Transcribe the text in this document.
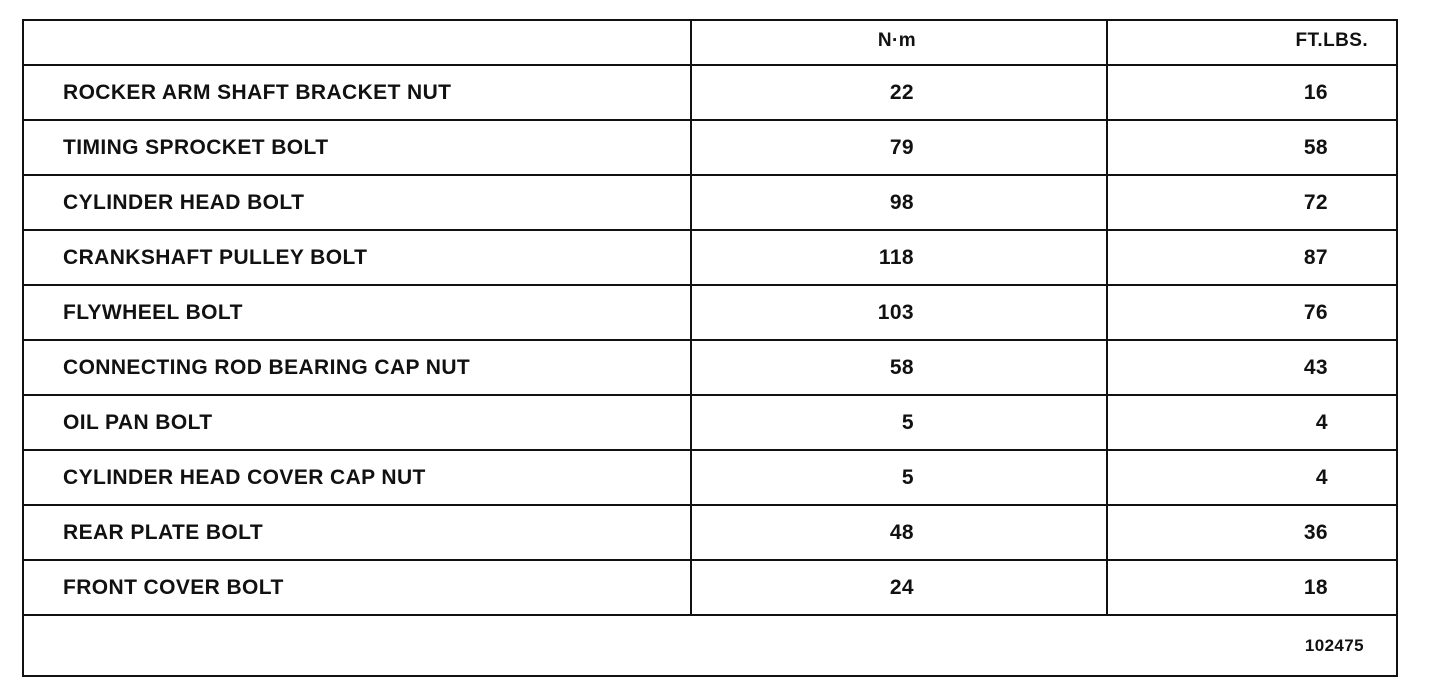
	N·m	FT.LBS.
ROCKER ARM SHAFT BRACKET NUT	22	16
TIMING SPROCKET BOLT	79	58
CYLINDER HEAD BOLT	98	72
CRANKSHAFT PULLEY BOLT	118	87
FLYWHEEL BOLT	103	76
CONNECTING ROD BEARING CAP NUT	58	43
OIL PAN BOLT	5	4
CYLINDER HEAD COVER CAP NUT	5	4
REAR PLATE BOLT	48	36
FRONT COVER BOLT	24	18
102475		
